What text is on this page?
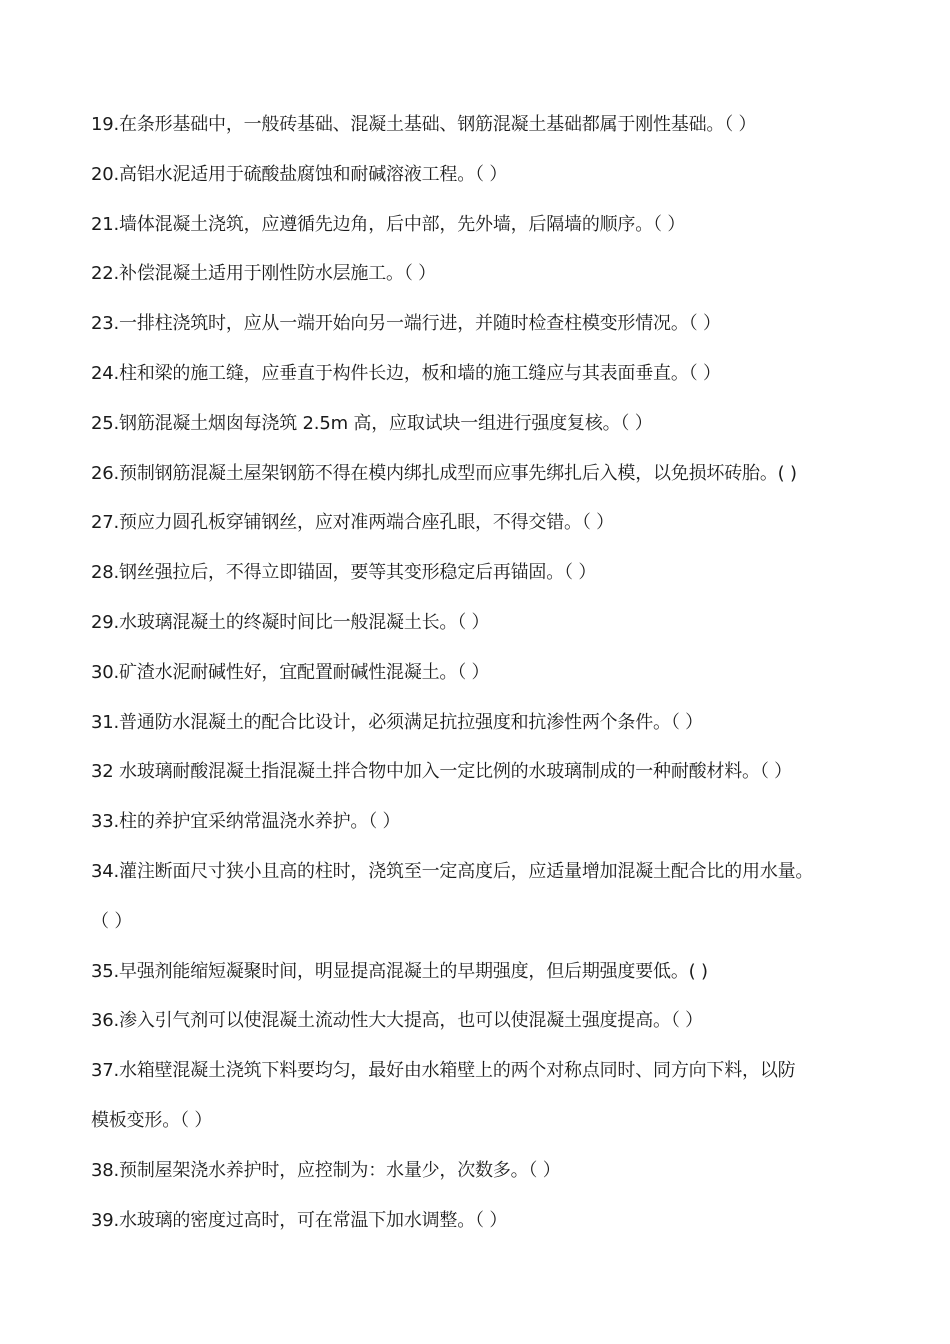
19.在条形基础中，一般砖基础、混凝土基础、钢筋混凝土基础都属于刚性基础。（ ）
20.高铝水泥适用于硫酸盐腐蚀和耐碱溶液工程。（ ）
21.墙体混凝土浇筑，应遵循先边角，后中部，先外墙，后隔墙的顺序。（ ）
22.补偿混凝土适用于刚性防水层施工。（ ）
23.一排柱浇筑时，应从一端开始向另一端行进，并随时检查柱模变形情况。（ ）
24.柱和梁的施工缝，应垂直于构件长边，板和墙的施工缝应与其表面垂直。（ ）
25.钢筋混凝土烟囱每浇筑 2.5m 高，应取试块一组进行强度复核。（ ）
26.预制钢筋混凝土屋架钢筋不得在模内绑扎成型而应事先绑扎后入模，以免损坏砖胎。( )
27.预应力圆孔板穿铺钢丝，应对准两端合座孔眼，不得交错。（ ）
28.钢丝强拉后，不得立即锚固，要等其变形稳定后再锚固。（ ）
29.水玻璃混凝土的终凝时间比一般混凝土长。（ ）
30.矿渣水泥耐碱性好，宜配置耐碱性混凝土。（ ）
31.普通防水混凝土的配合比设计，必须满足抗拉强度和抗渗性两个条件。（ ）
32 水玻璃耐酸混凝土指混凝土拌合物中加入一定比例的水玻璃制成的一种耐酸材料。（ ）
33.柱的养护宜采纳常温浇水养护。（ ）
34.灌注断面尺寸狭小且高的柱时，浇筑至一定高度后，应适量增加混凝土配合比的用水量。
（ ）
35.早强剂能缩短凝聚时间，明显提高混凝土的早期强度，但后期强度要低。( )
36.渗入引气剂可以使混凝土流动性大大提高，也可以使混凝土强度提高。（ ）
37.水箱壁混凝土浇筑下料要均匀，最好由水箱壁上的两个对称点同时、同方向下料，以防
模板变形。（ ）
38.预制屋架浇水养护时，应控制为：水量少，次数多。（ ）
39.水玻璃的密度过高时，可在常温下加水调整。（ ）
